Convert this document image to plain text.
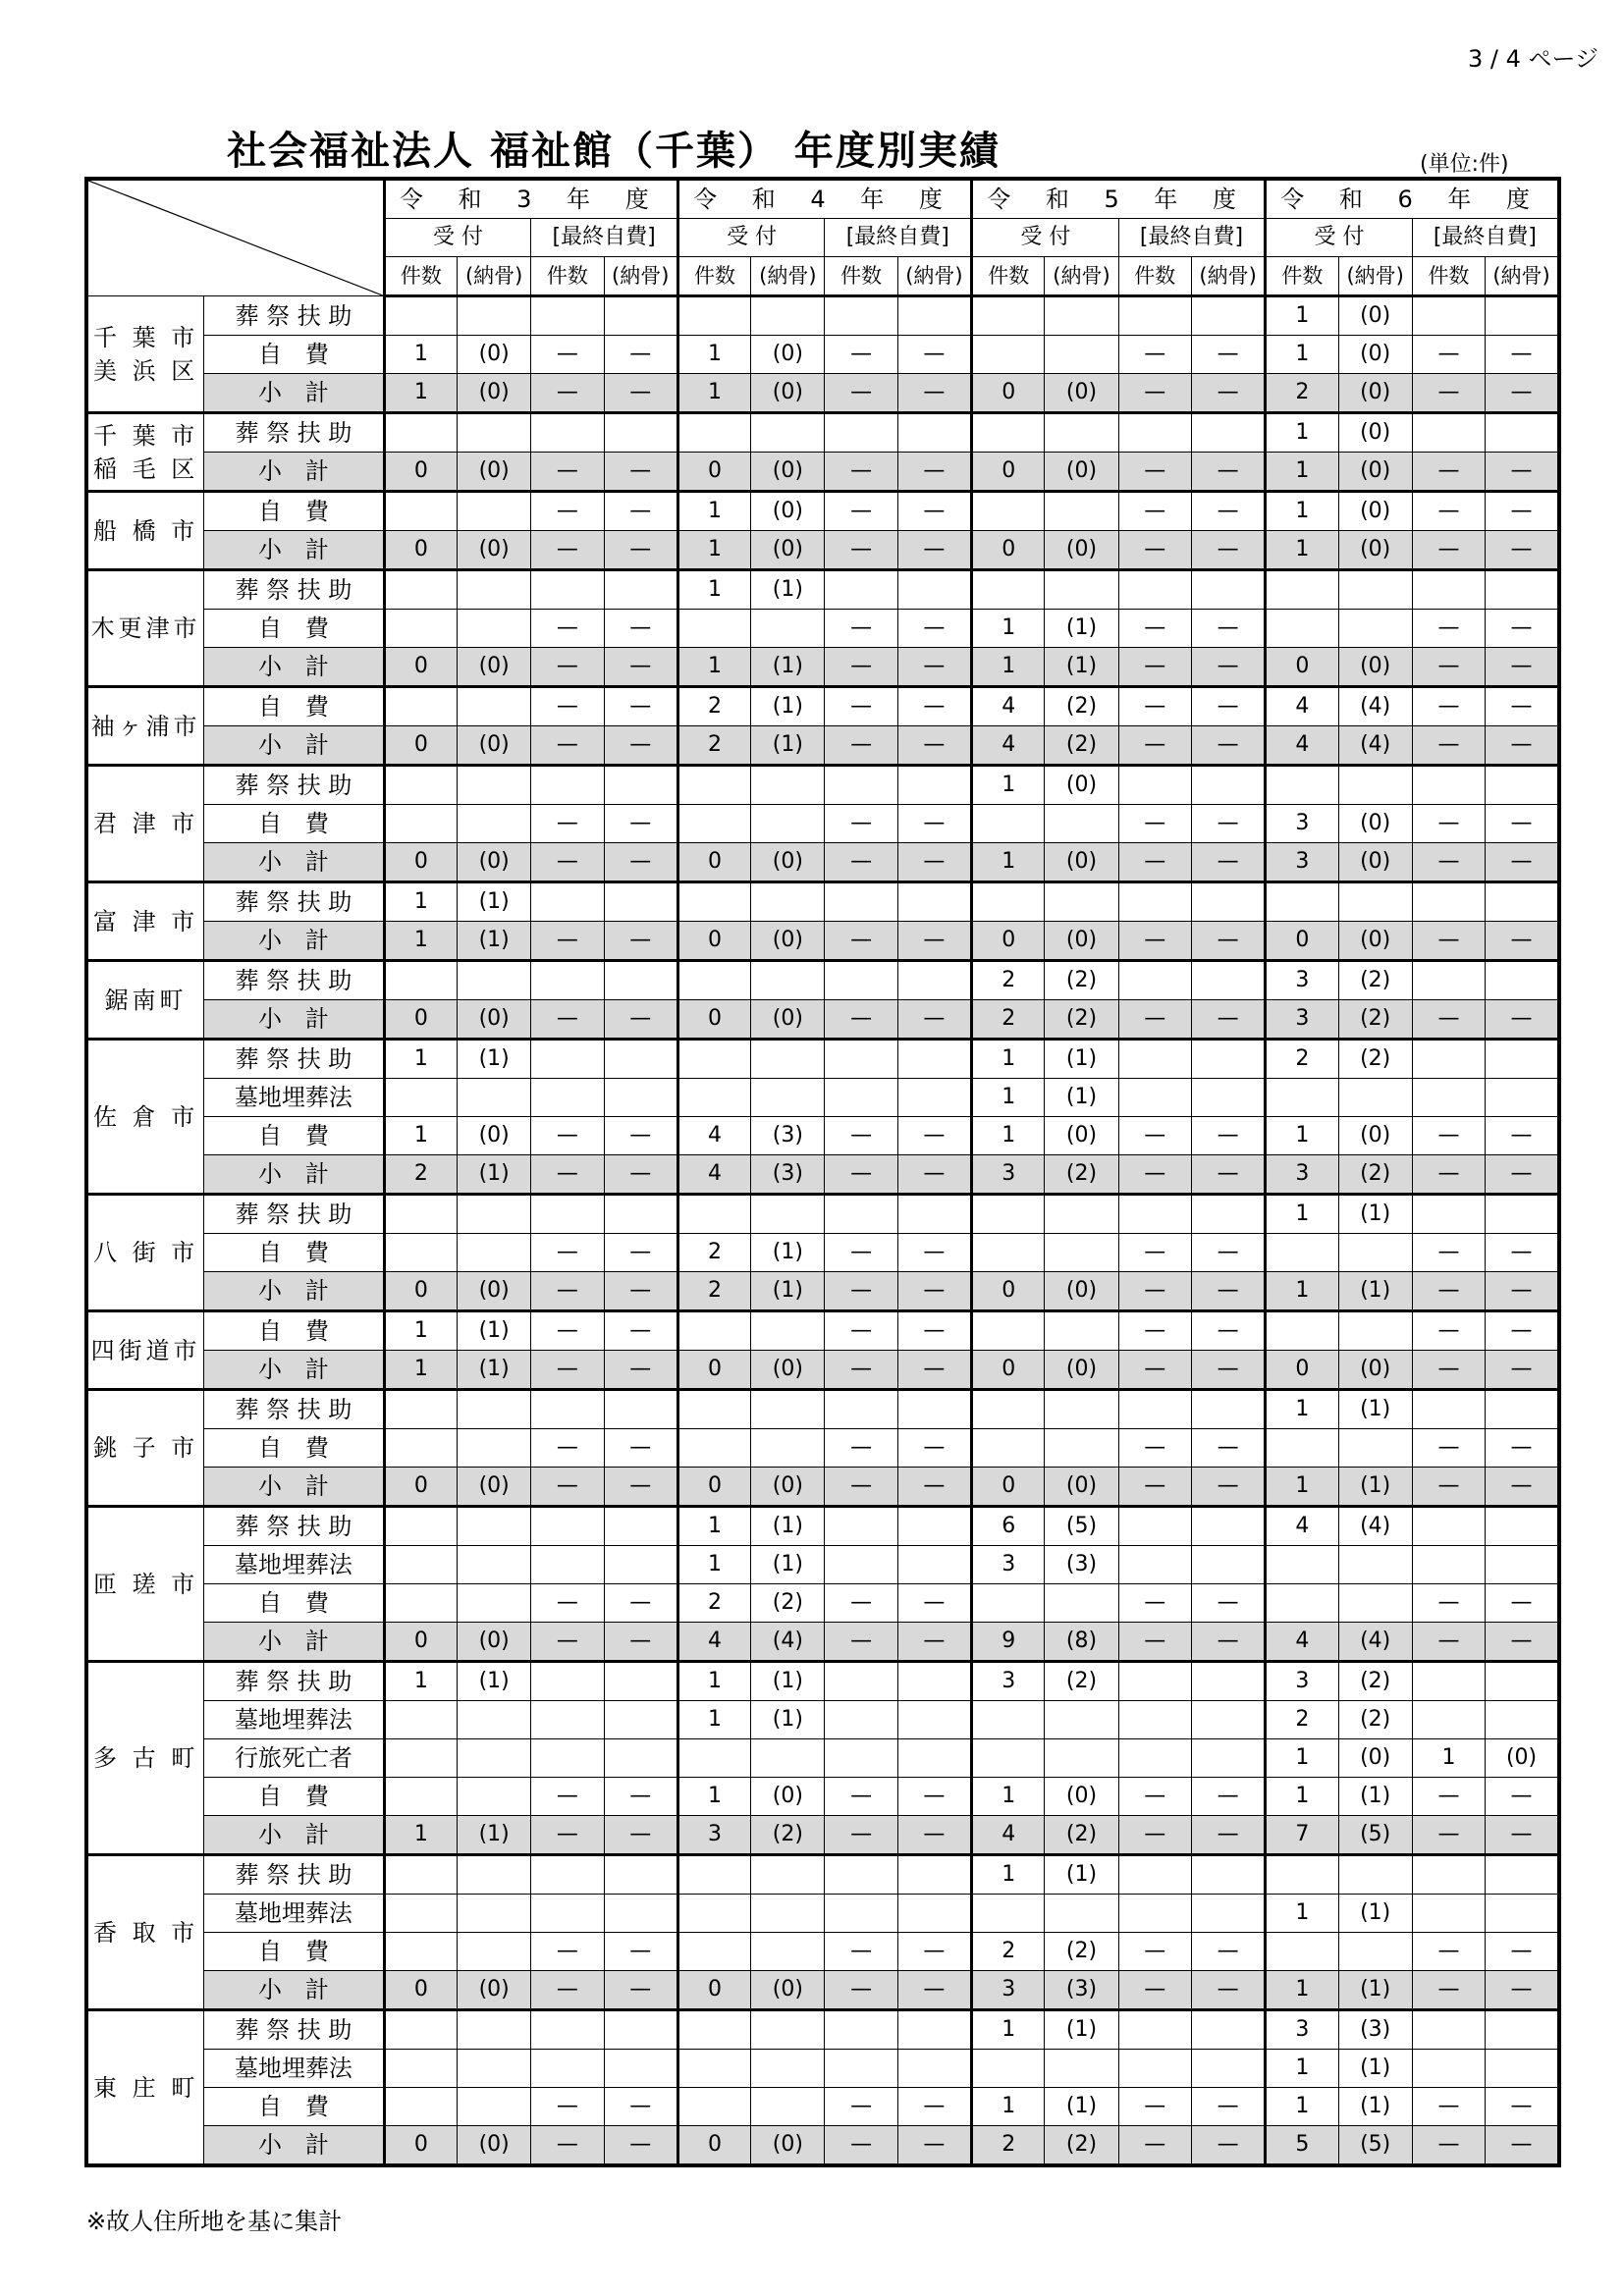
3 / 4 ページ
社会福祉法人 福祉館（千葉） 年度別実績	(単位:件)
	令 和 3 年 度				令 和 4 年 度				令 和 5 年 度				令 和 6 年 度			
		受 付		[最終自費]		受 付		[最終自費]		受 付		[最終自費]		受 付		[最終自費]	
		件数	(納骨)	件数	(納骨)	件数	(納骨)	件数	(納骨)	件数	(納骨)	件数	(納骨)	件数	(納骨)	件数	(納骨)
千 葉 市 美 浜 区	葬 祭 扶 助													1	(0)		
	自　費	1	(0)	—	—	1	(0)	—	—			—	—	1	(0)	—	—
	小　計	1	(0)	—	—	1	(0)	—	—	0	(0)	—	—	2	(0)	—	—
千 葉 市 稲 毛 区	葬 祭 扶 助													1	(0)		
	小　計	0	(0)	—	—	0	(0)	—	—	0	(0)	—	—	1	(0)	—	—
船 橋 市	自　費			—	—	1	(0)	—	—			—	—	1	(0)	—	—
	小　計	0	(0)	—	—	1	(0)	—	—	0	(0)	—	—	1	(0)	—	—
木更津市	葬 祭 扶 助					1	(1)										
	自　費			—	—			—	—	1	(1)	—	—			—	—
	小　計	0	(0)	—	—	1	(1)	—	—	1	(1)	—	—	0	(0)	—	—
袖ヶ浦市	自　費			—	—	2	(1)	—	—	4	(2)	—	—	4	(4)	—	—
	小　計	0	(0)	—	—	2	(1)	—	—	4	(2)	—	—	4	(4)	—	—
君 津 市	葬 祭 扶 助									1	(0)						
	自　費			—	—			—	—			—	—	3	(0)	—	—
	小　計	0	(0)	—	—	0	(0)	—	—	1	(0)	—	—	3	(0)	—	—
富 津 市	葬 祭 扶 助	1	(1)														
	小　計	1	(1)	—	—	0	(0)	—	—	0	(0)	—	—	0	(0)	—	—
鋸南町	葬 祭 扶 助									2	(2)			3	(2)		
	小　計	0	(0)	—	—	0	(0)	—	—	2	(2)	—	—	3	(2)	—	—
佐 倉 市	葬 祭 扶 助	1	(1)							1	(1)			2	(2)		
	墓地埋葬法									1	(1)						
	自　費	1	(0)	—	—	4	(3)	—	—	1	(0)	—	—	1	(0)	—	—
	小　計	2	(1)	—	—	4	(3)	—	—	3	(2)	—	—	3	(2)	—	—
八 街 市	葬 祭 扶 助													1	(1)		
	自　費			—	—	2	(1)	—	—			—	—			—	—
	小　計	0	(0)	—	—	2	(1)	—	—	0	(0)	—	—	1	(1)	—	—
四街道市	自　費	1	(1)	—	—			—	—			—	—			—	—
	小　計	1	(1)	—	—	0	(0)	—	—	0	(0)	—	—	0	(0)	—	—
銚 子 市	葬 祭 扶 助													1	(1)		
	自　費			—	—			—	—			—	—			—	—
	小　計	0	(0)	—	—	0	(0)	—	—	0	(0)	—	—	1	(1)	—	—
匝 瑳 市	葬 祭 扶 助					1	(1)			6	(5)			4	(4)		
	墓地埋葬法					1	(1)			3	(3)						
	自　費			—	—	2	(2)	—	—			—	—			—	—
	小　計	0	(0)	—	—	4	(4)	—	—	9	(8)	—	—	4	(4)	—	—
多 古 町	葬 祭 扶 助	1	(1)			1	(1)			3	(2)			3	(2)		
	墓地埋葬法					1	(1)							2	(2)		
	行旅死亡者													1	(0)	1	(0)
	自　費			—	—	1	(0)	—	—	1	(0)	—	—	1	(1)	—	—
	小　計	1	(1)	—	—	3	(2)	—	—	4	(2)	—	—	7	(5)	—	—
香 取 市	葬 祭 扶 助									1	(1)						
	墓地埋葬法													1	(1)		
	自　費			—	—			—	—	2	(2)	—	—			—	—
	小　計	0	(0)	—	—	0	(0)	—	—	3	(3)	—	—	1	(1)	—	—
東 庄 町	葬 祭 扶 助									1	(1)			3	(3)		
	墓地埋葬法													1	(1)		
	自　費			—	—			—	—	1	(1)	—	—	1	(1)	—	—
	小　計	0	(0)	—	—	0	(0)	—	—	2	(2)	—	—	5	(5)	—	—
※故人住所地を基に集計
